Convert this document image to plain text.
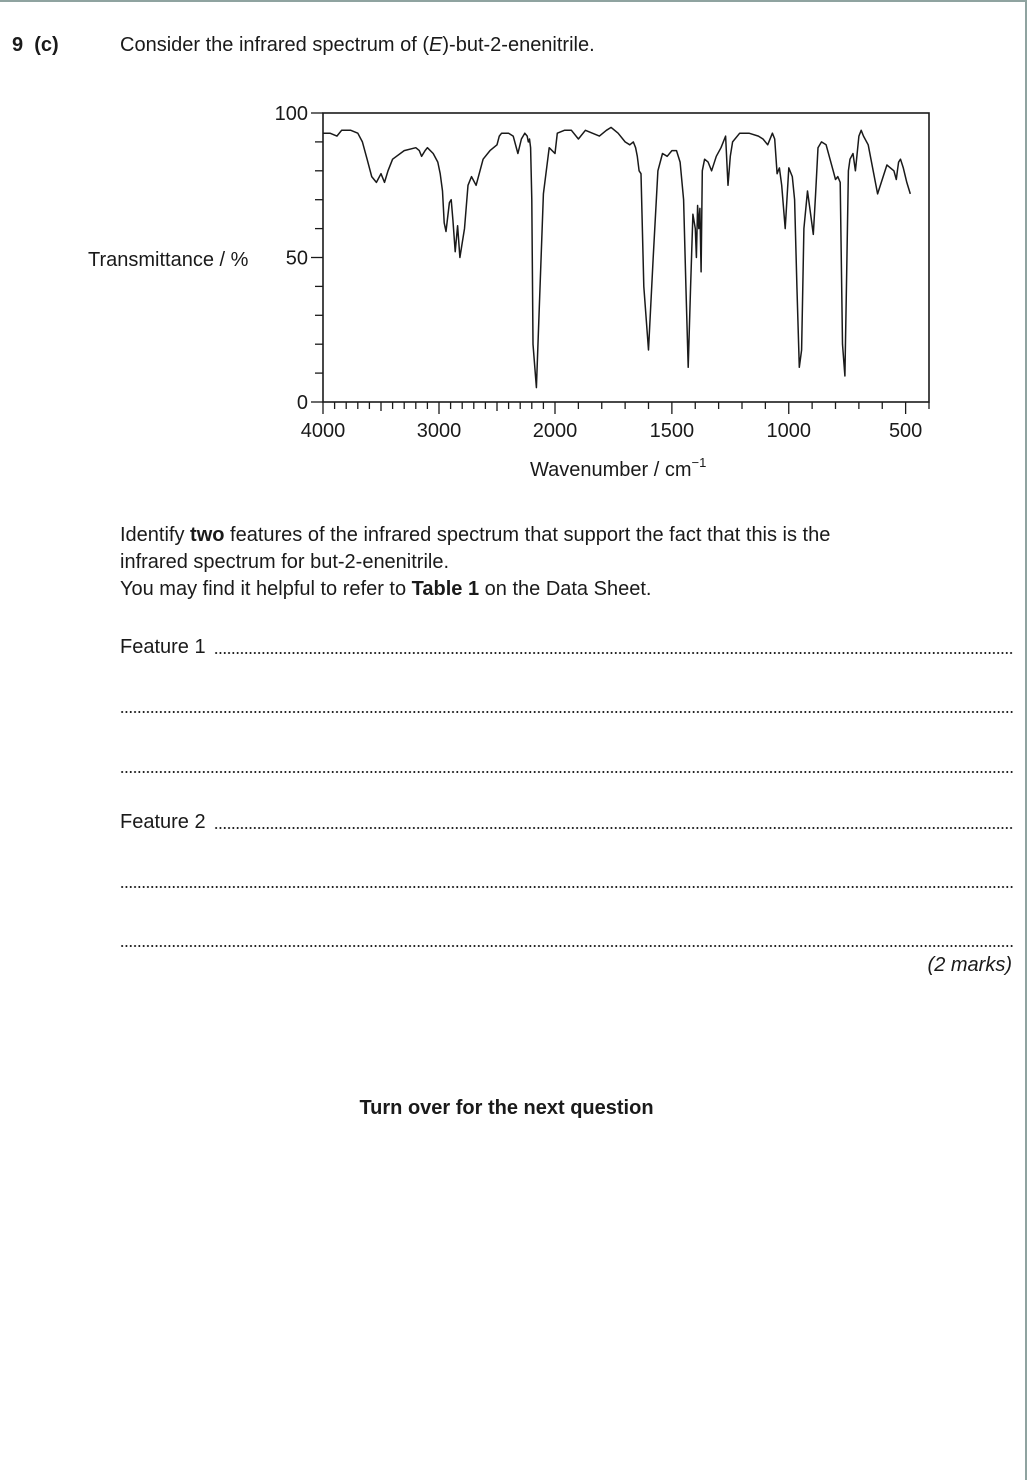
9 (c)	Consider the infrared spectrum of (E)-but-2-enenitrile.
0
50
100
4000	3000	2000	1500	1000	500
Transmittance / %
Wavenumber / $cm^{-1}$
Identify two features of the infrared spectrum that support the fact that this is the
infrared spectrum for but-2-enenitrile.
You may find it helpful to refer to Table 1 on the Data Sheet.
Feature 1
Feature 2
(2 marks)
Turn over for the next question
